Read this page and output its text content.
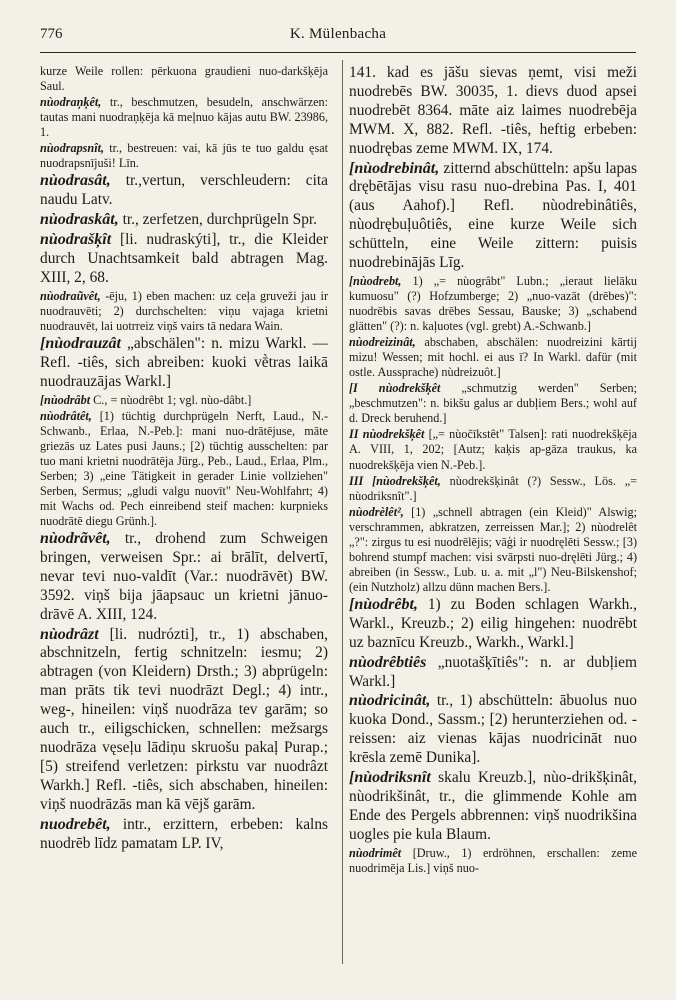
776	K. Mülenbacha

kurze Weile rollen: pērkuona graudieni nuo-darkšķēja Saul.

nùodraņķêt, tr., beschmutzen, besudeln, anschwärzen: tautas mani nuodraņķēja kā meļnuo kājas autu BW. 23986, 1.

nùodrapsnît, tr., bestreuen: vai, kā jūs te tuo galdu ęsat nuodrapsnījuši! Līn.

nùodrasât, tr.,vertun, verschleudern: cita naudu Latv.

nùodraskât, tr., zerfetzen, durchprügeln Spr.

nùodrašķît [li. nudraskýti], tr., die Kleider durch Unachtsamkeit bald abtragen Mag. XIII, 2, 68.

nùodraũvêt, -ēju, 1) eben machen: uz ceļa gruveži jau ir nuodrauvēti; 2) durchschelten: viņu vajaga krietni nuodrauvēt, lai uotrreiz viņš vairs tā nedara Wain.

[nùodrauzât „abschälen": n. mizu Warkl. — Refl. -tiês, sich abreiben: kuoki vḕtras laikā nuodrauzājas Warkl.]

[nùodrâbt C., = nùodrêbt 1; vgl. nùo-dâbt.]

nùodrâtêt, [1) tüchtig durchprügeln Nerft, Laud., N.-Schwanb., Erlaa, N.-Peb.]: mani nuo-drātējuse, māte griezās uz Lates pusi Jauns.; [2) tüchtig ausschelten: par tuo mani krietni nuodrātēja Jürg., Peb., Laud., Erlaa, Plm., Serben; 3) „eine Tätigkeit in gerader Linie vollziehen" Serben, Sermus; „gludi valgu nuovīt" Neu-Wohlfahrt; 4) mit Wachs od. Pech einreibend steif machen: kurpnieks nuodrātē diegu Grünh.].

nùodrãvêt, tr., drohend zum Schweigen bringen, verweisen Spr.: ai brālīt, delvertī, nevar tevi nuo-valdīt (Var.: nuodrāvēt) BW. 3592. viņš bija jāapsauc un krietni jānuo-drāvē A. XIII, 124.

nùodrâzt [li. nudrózti], tr., 1) abschaben, abschnitzeln, fertig schnitzeln: iesmu; 2) abtragen (von Kleidern) Drsth.; 3) abprügeln: man prāts tik tevi nuodrāzt Degl.; 4) intr., weg-, hineilen: viņš nuodrāza tev garām; so auch tr., eiligschicken, schnellen: mežsargs nuodrāza vęseļu lādiņu skruošu pakaļ Purap.; [5) streifend verletzen: pirkstu var nuodrâzt Warkh.] Refl. -tiês, sich abschaben, hineilen: viņš nuodrāzās man kā vējš garām.

nuodrebêt, intr., erzittern, erbeben: kalns nuodrēb līdz pamatam LP. IV,

141. kad es jāšu sievas ņemt, visi meži nuodrebēs BW. 30035, 1. dievs duod apsei nuodrebēt 8364. māte aiz laimes nuodrebēja MWM. X, 882. Refl. -tiês, heftig erbeben: nuodrębas zeme MWM. IX, 174.

[nùodrebinât, zitternd abschütteln: apšu lapas drębētājas visu rasu nuo-drebina Pas. I, 401 (aus Aahof).] Refl. nùodrebinâtiês, nùodrębuļuôtiês, eine kurze Weile sich schütteln, eine Weile zittern: puisis nuodrebinājās Līg.

[nùodrebt, 1) „= nùogrâbt" Lubn.; „ieraut lielāku kumuosu" (?) Hofzumberge; 2) „nuo-vazāt (drēbes)": nuodrēbis savas drēbes Sessau, Bauske; 3) „schabend glätten" (?): n. kaļuotes (vgl. grebt) A.-Schwanb.]

nùodreizinât, abschaben, abschälen: nuodreizini kārtij mizu! Wessen; mit hochl. ei aus ī? In Warkl. dafür (mit ostle. Aussprache) nùdreizuôt.]

[I nùodrekšķêt „schmutzig werden" Serben; „beschmutzen": n. bikšu galus ar dubļiem Bers.; wohl auf d. Dreck beruhend.]

II nùodrekšķêt [„= nùočīkstêt" Talsen]: rati nuodrekšķēja A. VIII, 1, 202; [Autz; kaķis ap-gāza traukus, ka nuodrekšķēja vien N.-Peb.].

III [nùodrekšķêt, nùodrekšķinât (?) Sessw., Lös. „= nùodriksnît".]

nùodrèlêt², [1) „schnell abtragen (ein Kleid)" Alswig; verschrammen, abkratzen, zerreissen Mar.]; 2) nùodrelêt „?": zirgus tu esi nuodrēlējis; vāģi ir nuodręlēti Sessw.; [3) bohrend stumpf machen: visi svārpsti nuo-dręlēti Jürg.; 4) abreiben (in Sessw., Lub. u. a. mit „l") Neu-Bilskenshof; (ein Nutzholz) allzu dünn machen Bers.].

[nùodrêbt, 1) zu Boden schlagen Warkh., Warkl., Kreuzb.; 2) eilig hingehen: nuodrēbt uz baznīcu Kreuzb., Warkh., Warkl.]

nùodrêbtiês „nuotašķītiês": n. ar dubļiem Warkl.]

nùodricinât, tr., 1) abschütteln: ābuolus nuo kuoka Dond., Sassm.; [2) herunterziehen od. -reissen: aiz vienas kājas nuodricināt nuo krēsla zemē Dunika].

[nùodriksnît skalu Kreuzb.], nùo-drikšķinât, nùodrikšinât, tr., die glimmende Kohle am Ende des Pergels abbrennen: viņš nuodrikšina uogles pie kula Blaum.

nùodrimêt [Druw., 1) erdröhnen, erschallen: zeme nuodrimēja Lis.] viņš nuo-
